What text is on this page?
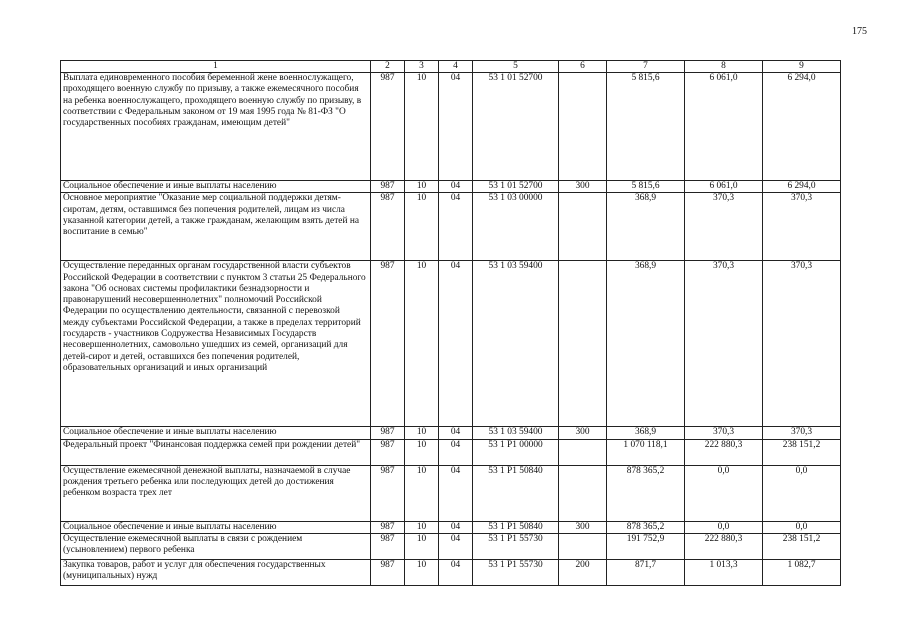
175
1	2	3	4	5	6	7	8	9
Выплата единовременного пособия беременной жене военнослужащего, проходящего военную службу по призыву, а также ежемесячного пособия на ребенка военнослужащего, проходящего военную службу по призыву, в соответствии с Федеральным законом от 19 мая 1995 года № 81-ФЗ "О государственных пособиях гражданам, имеющим детей"	987	10	04	53 1 01 52700		5 815,6	6 061,0	6 294,0
Социальное обеспечение и иные выплаты населению	987	10	04	53 1 01 52700	300	5 815,6	6 061,0	6 294,0
Основное мероприятие "Оказание мер социальной поддержки детям-сиротам, детям, оставшимся без попечения родителей, лицам из числа указанной категории детей, а также гражданам, желающим взять детей на воспитание в семью"	987	10	04	53 1 03 00000		368,9	370,3	370,3
Осуществление переданных органам государственной власти субъектов Российской Федерации в соответствии с пунктом 3 статьи 25 Федерального закона "Об основах системы профилактики безнадзорности и правонарушений несовершеннолетних" полномочий Российской Федерации по осуществлению деятельности, связанной с перевозкой между субъектами Российской Федерации, а также в пределах территорий государств - участников Содружества Независимых Государств несовершеннолетних, самовольно ушедших из семей, организаций для детей-сирот и детей, оставшихся без попечения родителей, образовательных организаций и иных организаций	987	10	04	53 1 03 59400		368,9	370,3	370,3
Социальное обеспечение и иные выплаты населению	987	10	04	53 1 03 59400	300	368,9	370,3	370,3
Федеральный проект "Финансовая поддержка семей при рождении детей"	987	10	04	53 1 P1 00000		1 070 118,1	222 880,3	238 151,2
Осуществление ежемесячной денежной выплаты, назначаемой в случае рождения третьего ребенка или последующих детей до достижения ребенком возраста трех лет	987	10	04	53 1 P1 50840		878 365,2	0,0	0,0
Социальное обеспечение и иные выплаты населению	987	10	04	53 1 P1 50840	300	878 365,2	0,0	0,0
Осуществление ежемесячной выплаты в связи с рождением (усыновлением) первого ребенка	987	10	04	53 1 P1 55730		191 752,9	222 880,3	238 151,2
Закупка товаров, работ и услуг для обеспечения государственных (муниципальных) нужд	987	10	04	53 1 P1 55730	200	871,7	1 013,3	1 082,7
